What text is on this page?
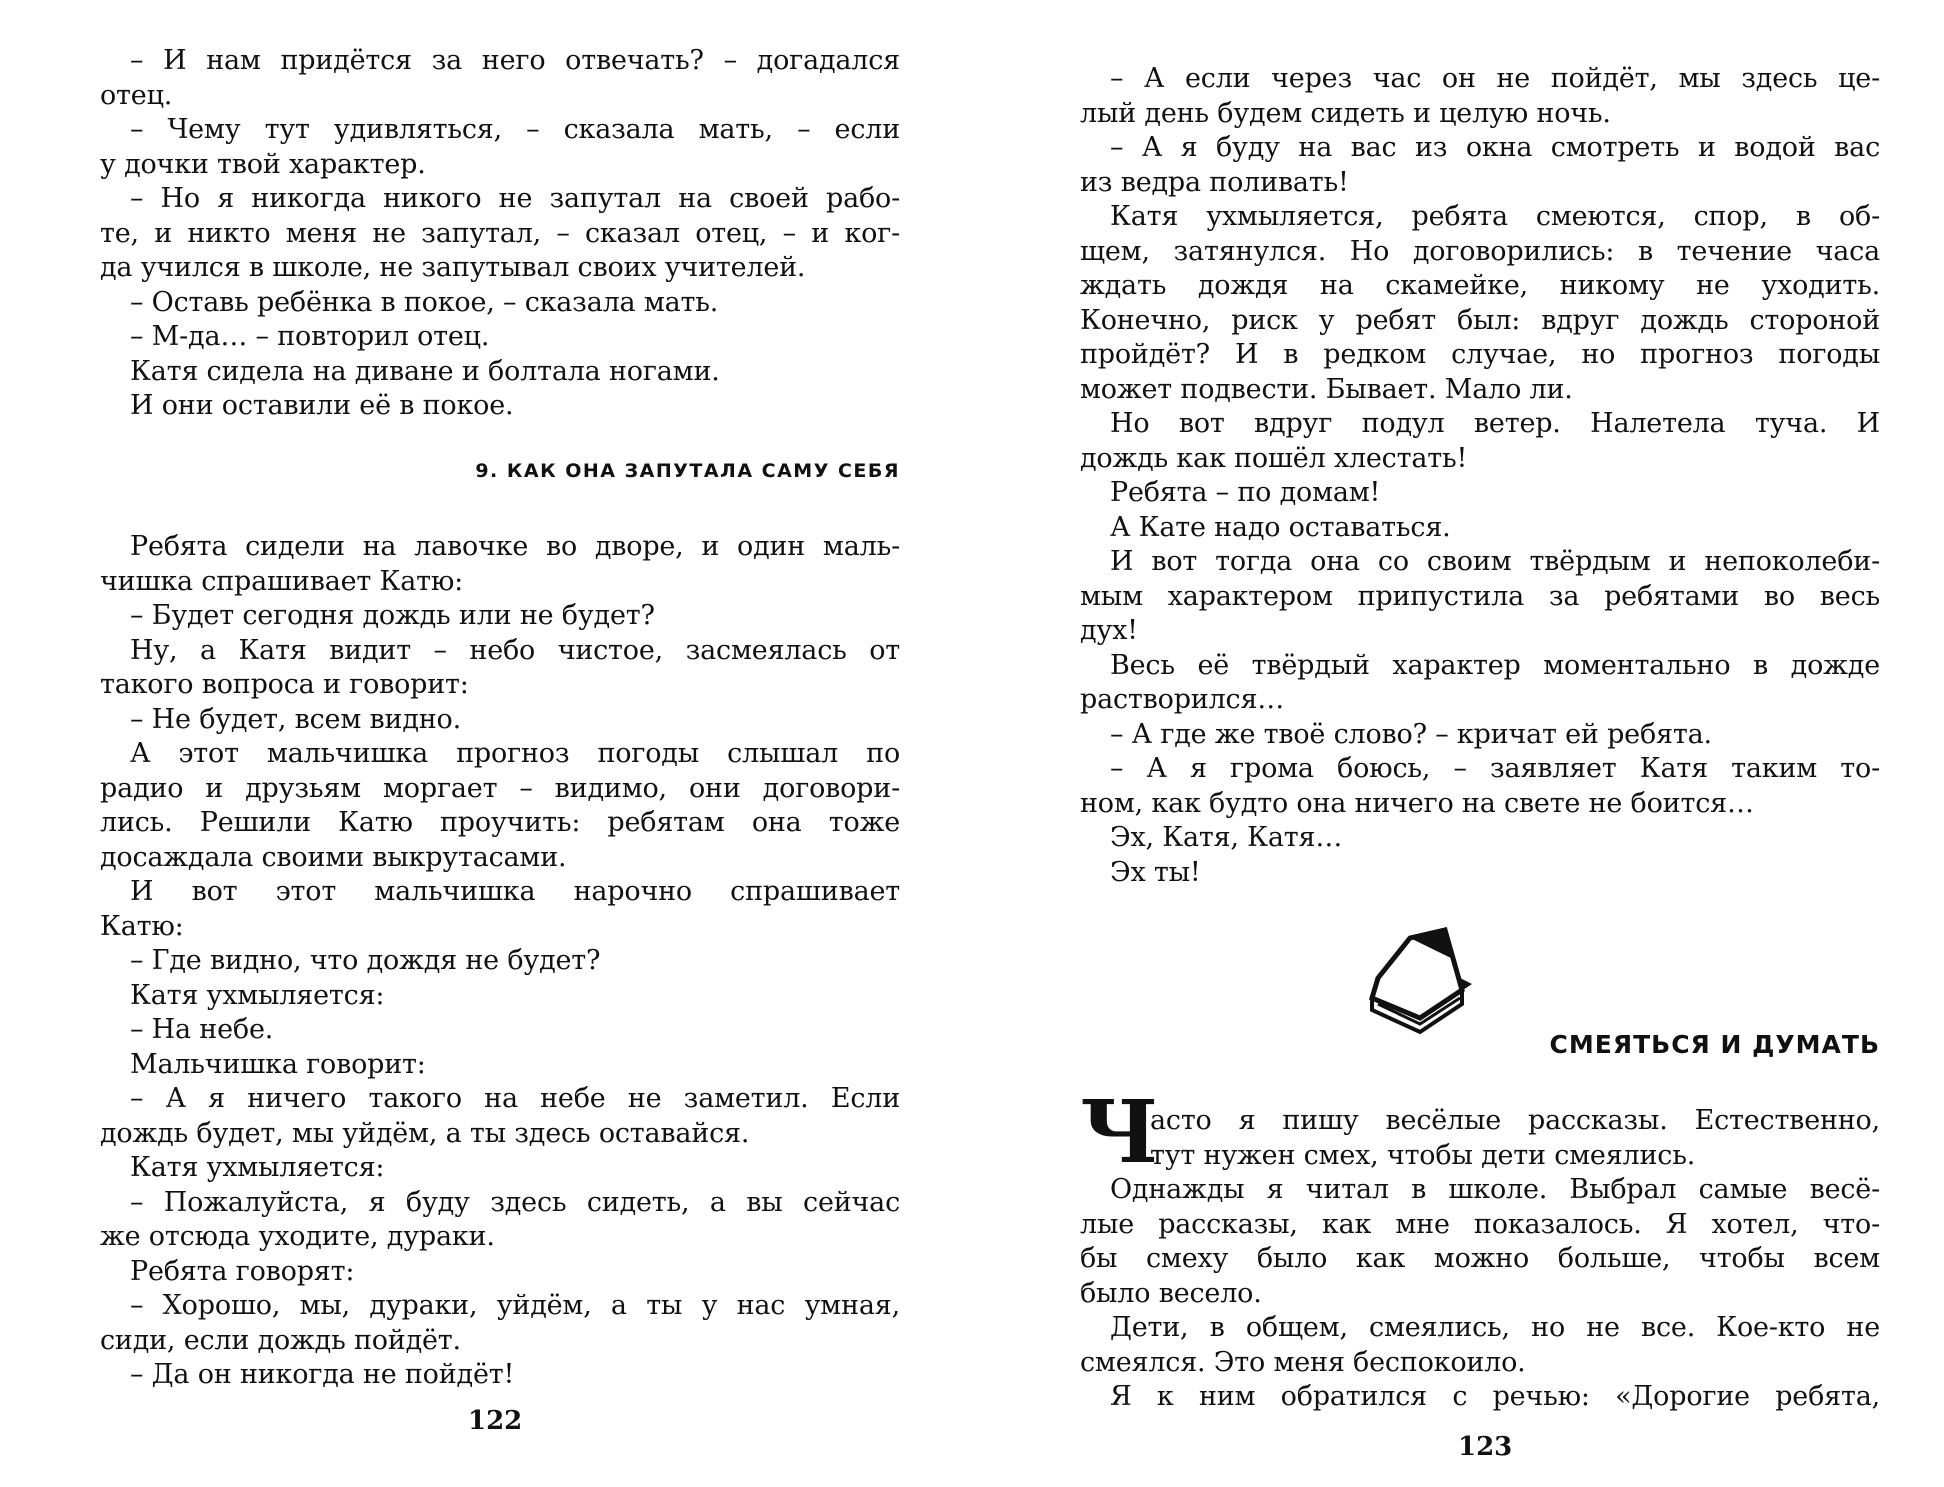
– И нам придётся за него отвечать? – догадался
отец.
– Чему тут удивляться, – сказала мать, – если
у дочки твой характер.
– Но я никогда никого не запутал на своей рабо-
те, и никто меня не запутал, – сказал отец, – и ког-
да учился в школе, не запутывал своих учителей.
– Оставь ребёнка в покое, – сказала мать.
– М-да… – повторил отец.
Катя сидела на диване и болтала ногами.
И они оставили её в покое.
9. КАК ОНА ЗАПУТАЛА САМУ СЕБЯ
Ребята сидели на лавочке во дворе, и один маль-
чишка спрашивает Катю:
– Будет сегодня дождь или не будет?
Ну, а Катя видит – небо чистое, засмеялась от
такого вопроса и говорит:
– Не будет, всем видно.
А этот мальчишка прогноз погоды слышал по
радио и друзьям моргает – видимо, они договори-
лись. Решили Катю проучить: ребятам она тоже
досаждала своими выкрутасами.
И вот этот мальчишка нарочно спрашивает
Катю:
– Где видно, что дождя не будет?
Катя ухмыляется:
– На небе.
Мальчишка говорит:
– А я ничего такого на небе не заметил. Если
дождь будет, мы уйдём, а ты здесь оставайся.
Катя ухмыляется:
– Пожалуйста, я буду здесь сидеть, а вы сейчас
же отсюда уходите, дураки.
Ребята говорят:
– Хорошо, мы, дураки, уйдём, а ты у нас умная,
сиди, если дождь пойдёт.
– Да он никогда не пойдёт!
122
– А если через час он не пойдёт, мы здесь це-
лый день будем сидеть и целую ночь.
– А я буду на вас из окна смотреть и водой вас
из ведра поливать!
Катя ухмыляется, ребята смеются, спор, в об-
щем, затянулся. Но договорились: в течение часа
ждать дождя на скамейке, никому не уходить.
Конечно, риск у ребят был: вдруг дождь стороной
пройдёт? И в редком случае, но прогноз погоды
может подвести. Бывает. Мало ли.
Но вот вдруг подул ветер. Налетела туча. И
дождь как пошёл хлестать!
Ребята – по домам!
А Кате надо оставаться.
И вот тогда она со своим твёрдым и непоколеби-
мым характером припустила за ребятами во весь
дух!
Весь её твёрдый характер моментально в дожде
растворился…
– А где же твоё слово? – кричат ей ребята.
– А я грома боюсь, – заявляет Катя таким то-
ном, как будто она ничего на свете не боится…
Эх, Катя, Катя…
Эх ты!
СМЕЯТЬСЯ И ДУМАТЬ
Ч
асто я пишу весёлые рассказы. Естественно,
тут нужен смех, чтобы дети смеялись.
Однажды я читал в школе. Выбрал самые весё-
лые рассказы, как мне показалось. Я хотел, что-
бы смеху было как можно больше, чтобы всем
было весело.
Дети, в общем, смеялись, но не все. Кое-кто не
смеялся. Это меня беспокоило.
Я к ним обратился с речью: «Дорогие ребята,
123
